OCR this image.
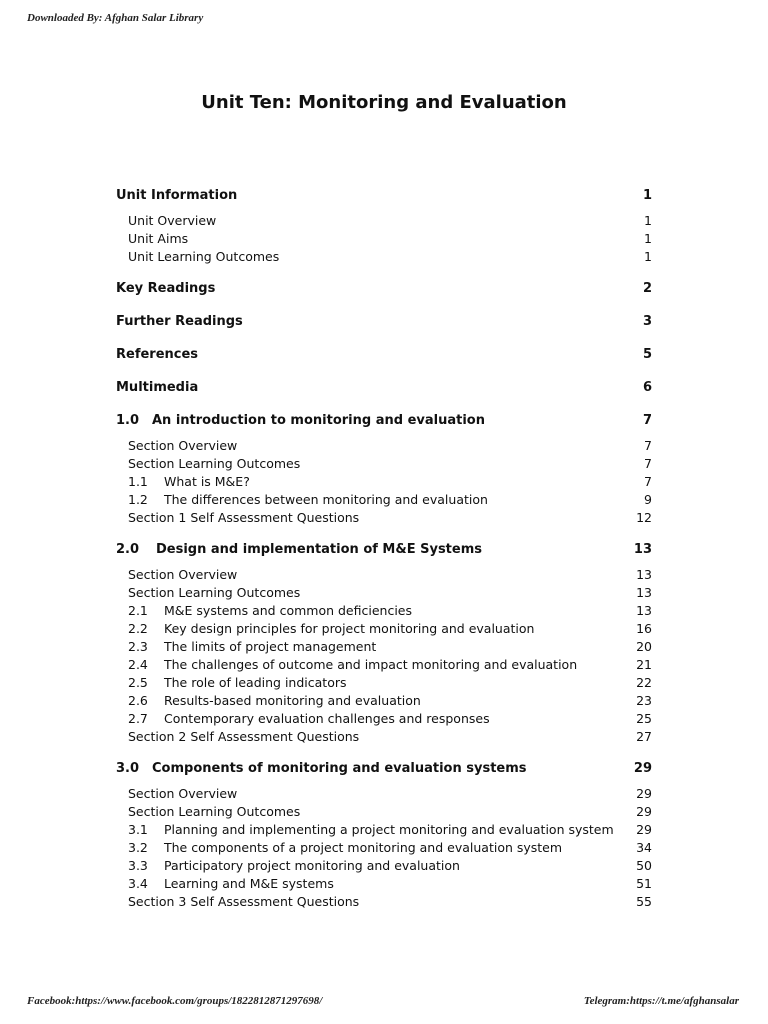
Downloaded By: Afghan Salar Library
Unit Ten: Monitoring and Evaluation
Unit Information	1
Unit Overview	1
Unit Aims	1
Unit Learning Outcomes	1
Key Readings	2
Further Readings	3
References	5
Multimedia	6
1.0 An introduction to monitoring and evaluation	7
Section Overview	7
Section Learning Outcomes	7
1.1 What is M&E?	7
1.2 The differences between monitoring and evaluation	9
Section 1 Self Assessment Questions	12
2.0 Design and implementation of M&E Systems	13
Section Overview	13
Section Learning Outcomes	13
2.1 M&E systems and common deficiencies	13
2.2 Key design principles for project monitoring and evaluation	16
2.3 The limits of project management	20
2.4 The challenges of outcome and impact monitoring and evaluation	21
2.5 The role of leading indicators	22
2.6 Results-based monitoring and evaluation	23
2.7 Contemporary evaluation challenges and responses	25
Section 2 Self Assessment Questions	27
3.0 Components of monitoring and evaluation systems	29
Section Overview	29
Section Learning Outcomes	29
3.1 Planning and implementing a project monitoring and evaluation system 29
3.2 The components of a project monitoring and evaluation system	34
3.3 Participatory project monitoring and evaluation	50
3.4 Learning and M&E systems	51
Section 3 Self Assessment Questions	55
Facebook:https://www.facebook.com/groups/1822812871297698/	Telegram:https://t.me/afghansalar
